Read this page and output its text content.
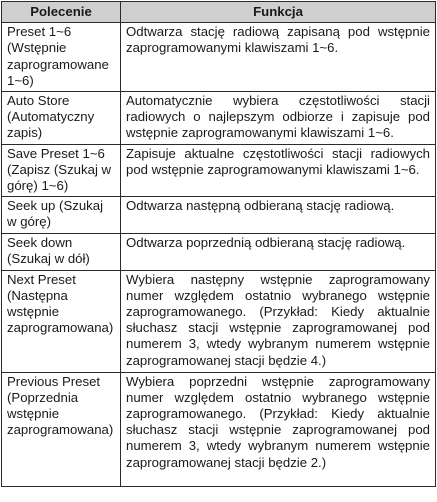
Polecenie	Funkcja
Preset 1~6 (Wstępnie zaprogramowane 1~6)	Odtwarza stację radiową zapisaną pod wstępnie zaprogramowanymi klawiszami 1~6.
Auto Store (Automatyczny zapis)	Automatycznie wybiera częstotliwości stacji radiowych o najlepszym odbiorze i zapisuje pod wstępnie zaprogramowanymi klawiszami 1~6.
Save Preset 1~6 (Zapisz (Szukaj w górę) 1~6)	Zapisuje aktualne częstotliwości stacji radiowych pod wstępnie zaprogramowanymi klawiszami 1~6.
Seek up (Szukaj w górę)	Odtwarza następną odbieraną stację radiową.
Seek down (Szukaj w dół)	Odtwarza poprzednią odbieraną stację radiową.
Next Preset (Następna wstępnie zaprogramowana)	Wybiera następny wstępnie zaprogramowany numer względem ostatnio wybranego wstępnie zaprogramowanego. (Przykład: Kiedy aktualnie słuchasz stacji wstępnie zaprogramowanej pod numerem 3, wtedy wybranym numerem wstępnie zaprogramowanej stacji będzie 4.)
Previous Preset (Poprzednia wstępnie zaprogramowana)	Wybiera poprzedni wstępnie zaprogramowany numer względem ostatnio wybranego wstępnie zaprogramowanego. (Przykład: Kiedy aktualnie słuchasz stacji wstępnie zaprogramowanej pod numerem 3, wtedy wybranym numerem wstępnie zaprogramowanej stacji będzie 2.)
